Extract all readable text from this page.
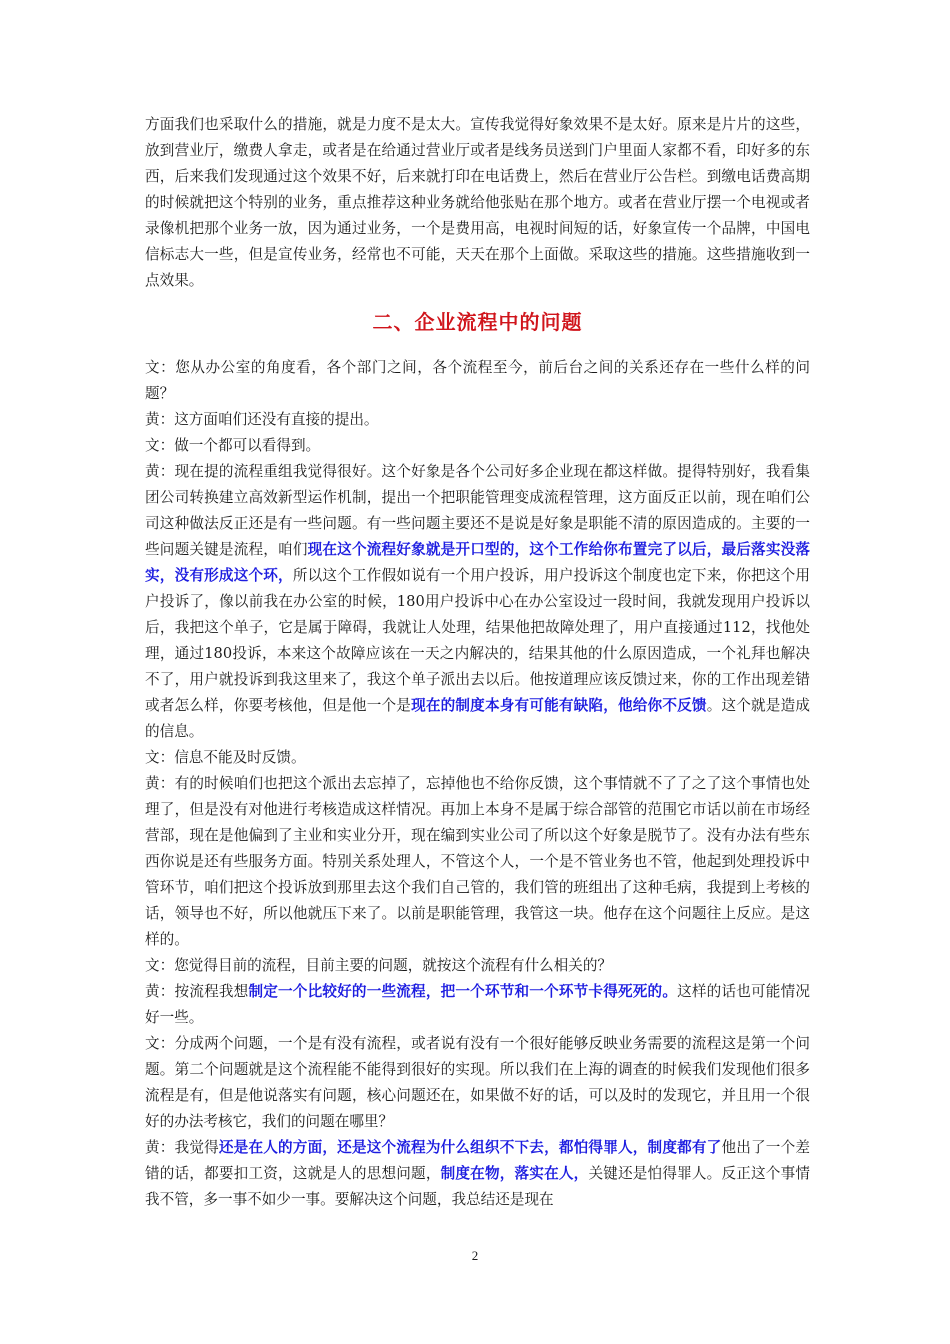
方面我们也采取什么的措施，就是力度不是太大。宣传我觉得好象效果不是太好。原来是片片的这些，放到营业厅，缴费人拿走，或者是在给通过营业厅或者是线务员送到门户里面人家都不看，印好多的东西，后来我们发现通过这个效果不好，后来就打印在电话费上，然后在营业厅公告栏。到缴电话费高期的时候就把这个特别的业务，重点推荐这种业务就给他张贴在那个地方。或者在营业厅摆一个电视或者录像机把那个业务一放，因为通过业务，一个是费用高，电视时间短的话，好象宣传一个品牌，中国电信标志大一些，但是宣传业务，经常也不可能，天天在那个上面做。采取这些的措施。这些措施收到一点效果。

二、企业流程中的问题

文：您从办公室的角度看，各个部门之间，各个流程至今，前后台之间的关系还存在一些什么样的问题？

黄：这方面咱们还没有直接的提出。

文：做一个都可以看得到。

黄：现在提的流程重组我觉得很好。这个好象是各个公司好多企业现在都这样做。提得特别好，我看集团公司转换建立高效新型运作机制，提出一个把职能管理变成流程管理，这方面反正以前，现在咱们公司这种做法反正还是有一些问题。有一些问题主要还不是说是好象是职能不清的原因造成的。主要的一些问题关键是流程，咱们现在这个流程好象就是开口型的，这个工作给你布置完了以后，最后落实没落实，没有形成这个环，所以这个工作假如说有一个用户投诉，用户投诉这个制度也定下来，你把这个用户投诉了，像以前我在办公室的时候，180用户投诉中心在办公室设过一段时间，我就发现用户投诉以后，我把这个单子，它是属于障碍，我就让人处理，结果他把故障处理了，用户直接通过112，找他处理，通过180投诉，本来这个故障应该在一天之内解决的，结果其他的什么原因造成，一个礼拜也解决不了，用户就投诉到我这里来了，我这个单子派出去以后。他按道理应该反馈过来，你的工作出现差错或者怎么样，你要考核他，但是他一个是现在的制度本身有可能有缺陷，他给你不反馈。这个就是造成的信息。

文：信息不能及时反馈。

黄：有的时候咱们也把这个派出去忘掉了，忘掉他也不给你反馈，这个事情就不了了之了这个事情也处理了，但是没有对他进行考核造成这样情况。再加上本身不是属于综合部管的范围它市话以前在市场经营部，现在是他偏到了主业和实业分开，现在编到实业公司了所以这个好象是脱节了。没有办法有些东西你说是还有些服务方面。特别关系处理人，不管这个人，一个是不管业务也不管，他起到处理投诉中管环节，咱们把这个投诉放到那里去这个我们自己管的，我们管的班组出了这种毛病，我提到上考核的话，领导也不好，所以他就压下来了。以前是职能管理，我管这一块。他存在这个问题往上反应。是这样的。

文：您觉得目前的流程，目前主要的问题，就按这个流程有什么相关的？

黄：按流程我想制定一个比较好的一些流程，把一个环节和一个环节卡得死死的。这样的话也可能情况好一些。

文：分成两个问题，一个是有没有流程，或者说有没有一个很好能够反映业务需要的流程这是第一个问题。第二个问题就是这个流程能不能得到很好的实现。所以我们在上海的调查的时候我们发现他们很多流程是有，但是他说落实有问题，核心问题还在，如果做不好的话，可以及时的发现它，并且用一个很好的办法考核它，我们的问题在哪里？

黄：我觉得还是在人的方面，还是这个流程为什么组织不下去，都怕得罪人，制度都有了他出了一个差错的话，都要扣工资，这就是人的思想问题，制度在物，落实在人，关键还是怕得罪人。反正这个事情我不管，多一事不如少一事。要解决这个问题，我总结还是现在

2
